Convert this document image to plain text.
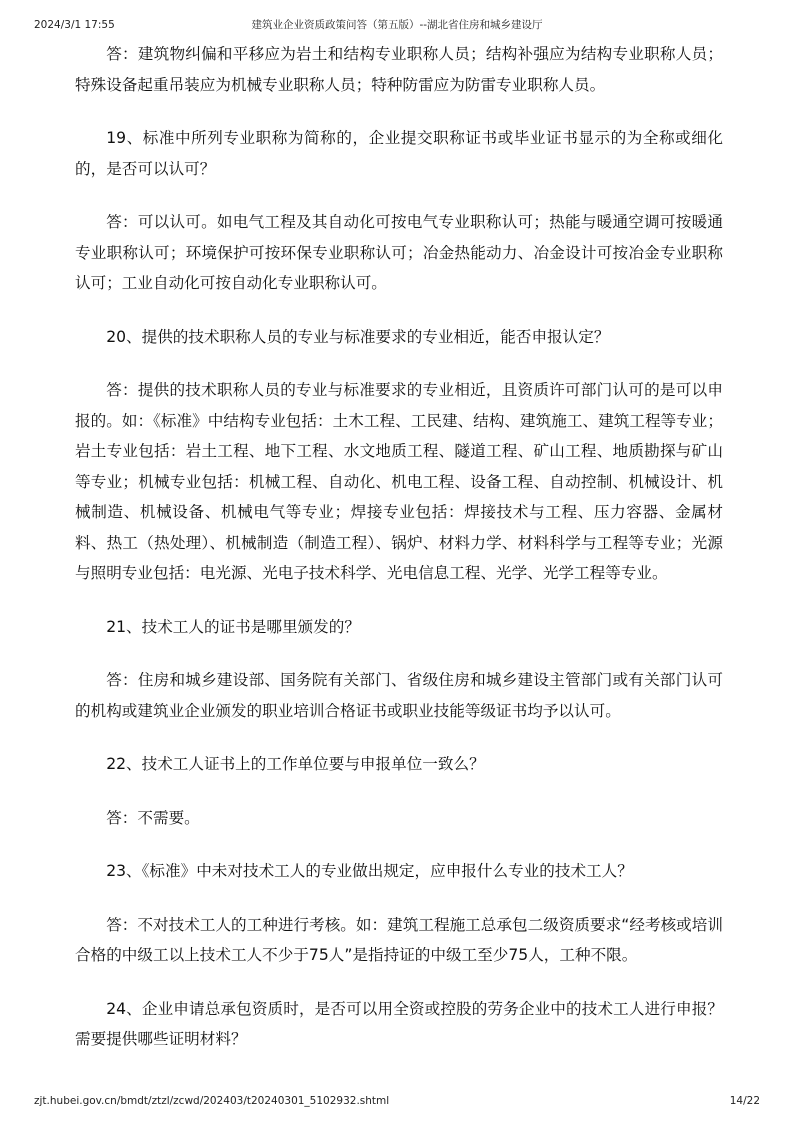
2024/3/1 17:55	建筑业企业资质政策问答（第五版）--湖北省住房和城乡建设厅

答：建筑物纠偏和平移应为岩土和结构专业职称人员；结构补强应为结构专业职称人员；特殊设备起重吊装应为机械专业职称人员；特种防雷应为防雷专业职称人员。

19、标准中所列专业职称为简称的，企业提交职称证书或毕业证书显示的为全称或细化的，是否可以认可？

答：可以认可。如电气工程及其自动化可按电气专业职称认可；热能与暖通空调可按暖通专业职称认可；环境保护可按环保专业职称认可；冶金热能动力、冶金设计可按冶金专业职称认可；工业自动化可按自动化专业职称认可。

20、提供的技术职称人员的专业与标准要求的专业相近，能否申报认定？

答：提供的技术职称人员的专业与标准要求的专业相近，且资质许可部门认可的是可以申报的。如：《标准》中结构专业包括：土木工程、工民建、结构、建筑施工、建筑工程等专业；岩土专业包括：岩土工程、地下工程、水文地质工程、隧道工程、矿山工程、地质勘探与矿山等专业；机械专业包括：机械工程、自动化、机电工程、设备工程、自动控制、机械设计、机械制造、机械设备、机械电气等专业；焊接专业包括：焊接技术与工程、压力容器、金属材料、热工（热处理）、机械制造（制造工程）、锅炉、材料力学、材料科学与工程等专业；光源与照明专业包括：电光源、光电子技术科学、光电信息工程、光学、光学工程等专业。

21、技术工人的证书是哪里颁发的？

答：住房和城乡建设部、国务院有关部门、省级住房和城乡建设主管部门或有关部门认可的机构或建筑业企业颁发的职业培训合格证书或职业技能等级证书均予以认可。

22、技术工人证书上的工作单位要与申报单位一致么？

答：不需要。

23、《标准》中未对技术工人的专业做出规定，应申报什么专业的技术工人？

答：不对技术工人的工种进行考核。如：建筑工程施工总承包二级资质要求“经考核或培训合格的中级工以上技术工人不少于75人”是指持证的中级工至少75人，工种不限。

24、企业申请总承包资质时，是否可以用全资或控股的劳务企业中的技术工人进行申报？需要提供哪些证明材料？

zjt.hubei.gov.cn/bmdt/ztzl/zcwd/202403/t20240301_5102932.shtml	14/22
